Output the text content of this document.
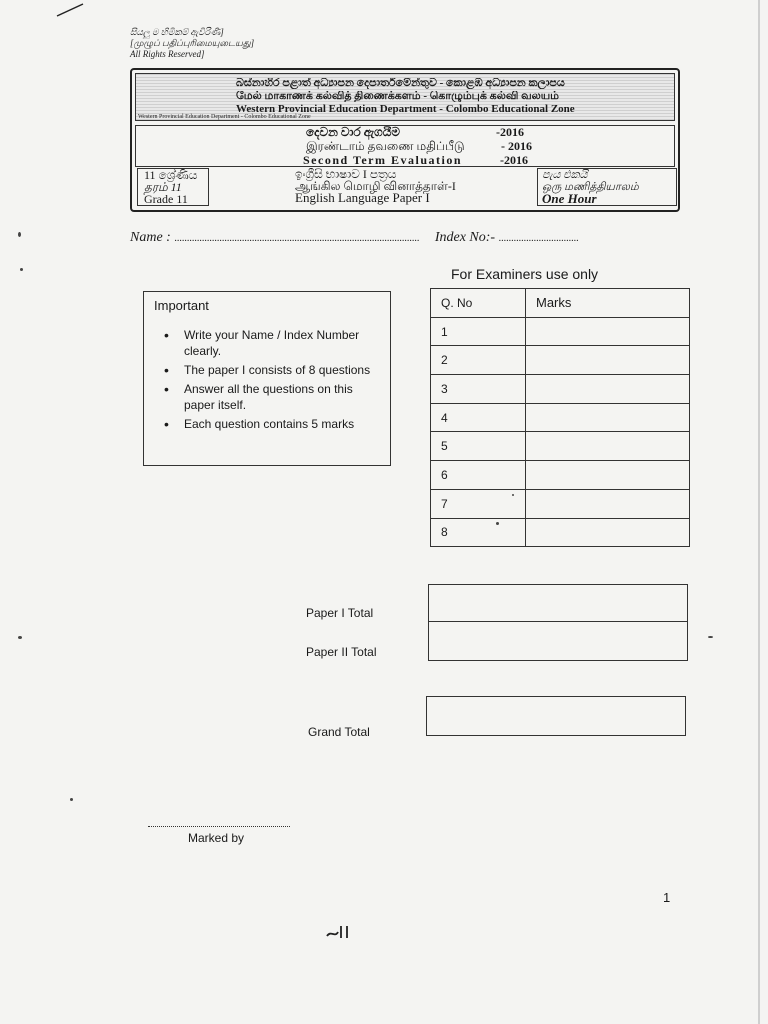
සියලු ම හිමිකම් ඇවිරිණි]
[முழுப் பதிப்புரிமையுடையது]
All Rights Reserved]
බස්නාහිර පළාත් අධ්‍යාපන දෙපාර්තමේන්තුව - කොළඹ අධ්‍යාපන කලාපය
மேல் மாகாணக் கல்வித் திணைக்களம் - கொழும்புக் கல்வி வலயம்
Western Provincial Education Department - Colombo Educational Zone
Western Provincial Education Department - Colombo Educational Zone
දෙවන වාර ඇගයීම	-2016
இரண்டாம் தவணை மதிப்பீடு	- 2016
Second Term Evaluation	-2016
11 ශ්‍රේණිය
தரம் 11
Grade 11
ඉංග්‍රීසි භාෂාව I පත්‍රය
ஆங்கில மொழி வினாத்தாள்-I
English Language Paper I
පැය එකයි
ஒரு மணித்தியாலம்
One Hour
Name : .................................................................................................. Index No:- ................................
For Examiners use only
Q. No	Marks
1	
2	
3	
4	
5	
6	
7	
8	
Important
• Write your Name / Index Number clearly.
• The paper I consists of 8 questions
• Answer all the questions on this paper itself.
• Each question contains 5 marks
Paper I Total
Paper II Total
Grand Total
Marked by
1
